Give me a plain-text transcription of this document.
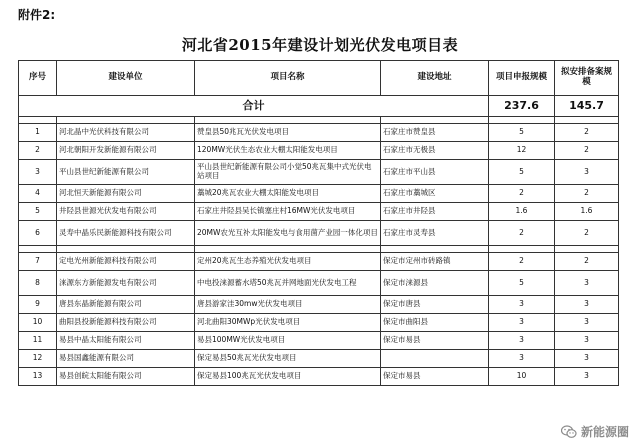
附件2:
河北省2015年建设计划光伏发电项目表
序号	建设单位	项目名称	建设地址	项目申报规模	拟安排备案规模
合计				237.6	145.7

1	河北晶中光伏科技有限公司	赞皇县50兆瓦光伏发电项目	石家庄市赞皇县	5	2
2	河北朝阳开发新能源有限公司	120MW光伏生态农业大棚太阳能发电项目	石家庄市无极县	12	2
3	平山县世纪新能源有限公司	平山县世纪新能源有限公司小觉50兆瓦集中式光伏电站项目	石家庄市平山县	5	3
4	河北恒天新能源有限公司	藁城20兆瓦农业大棚太阳能发电项目	石家庄市藁城区	2	2
5	井陉县世源光伏发电有限公司	石家庄井陉县吴长镇塞庄村16MW光伏发电项目	石家庄市井陉县	1.6	1.6
6	灵寿中晶乐民新能源科技有限公司	20MW农光互补太阳能发电与食用菌产业园一体化项目	石家庄市灵寿县	2	2

7	定电光州新能源科技有限公司	定州20兆瓦生态养殖光伏发电项目	保定市定州市砖路镇	2	2
8	涞源东方新能源发电有限公司	中电投涞源蓄水塔50兆瓦并网地面光伏发电工程	保定市涞源县	5	3
9	唐县东晶新能源有限公司	唐县游家洼30mw光伏发电项目	保定市唐县	3	3
10	曲阳县投新能源科技有限公司	河北曲阳30MWp光伏发电项目	保定市曲阳县	3	3
11	易县中晶太阳能有限公司	易县100MW光伏发电项目	保定市易县	3	3
12	易县国鑫能源有限公司	保定易县50兆瓦光伏发电项目		3	3
13	易县创皖太阳能有限公司	保定易县100兆瓦光伏发电项目	保定市易县	10	3
新能源圈
